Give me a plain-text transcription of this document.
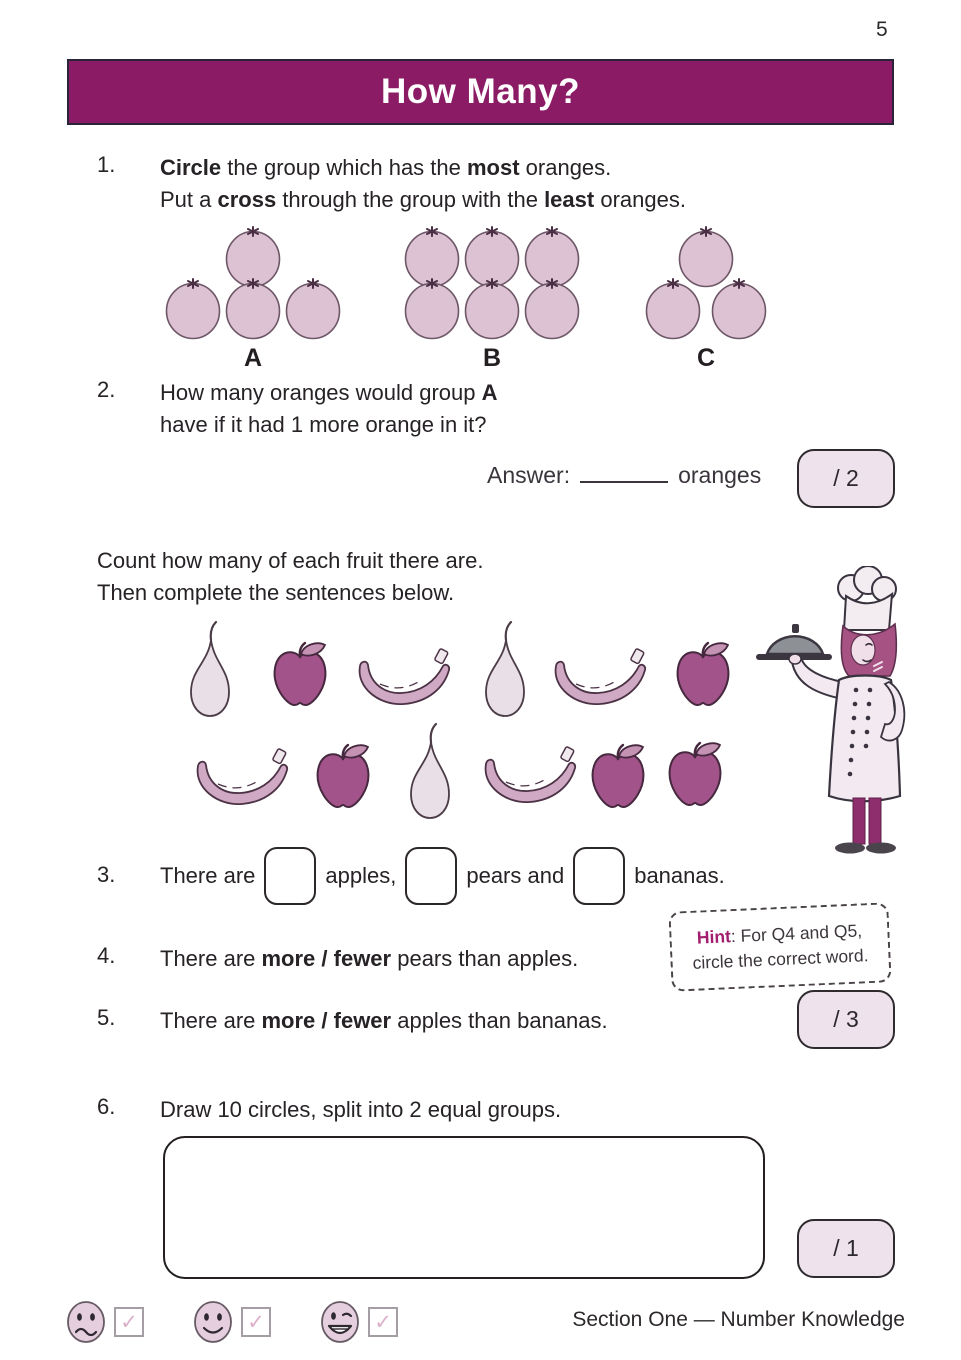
5
How Many?
1. Circle the group which has the most oranges.
Put a cross through the group with the least oranges.
A	B	C
2. How many oranges would group A
have if it had 1 more orange in it?
Answer:	oranges	/ 2
Count how many of each fruit there are.
Then complete the sentences below.
3. There are	apples,	pears and	bananas.
Hint: For Q4 and Q5,
circle the correct word.
4. There are more / fewer pears than apples.
5. There are more / fewer apples than bananas.	/ 3
6. Draw 10 circles, split into 2 equal groups.
/ 1
✓	✓	✓	Section One — Number Knowledge
